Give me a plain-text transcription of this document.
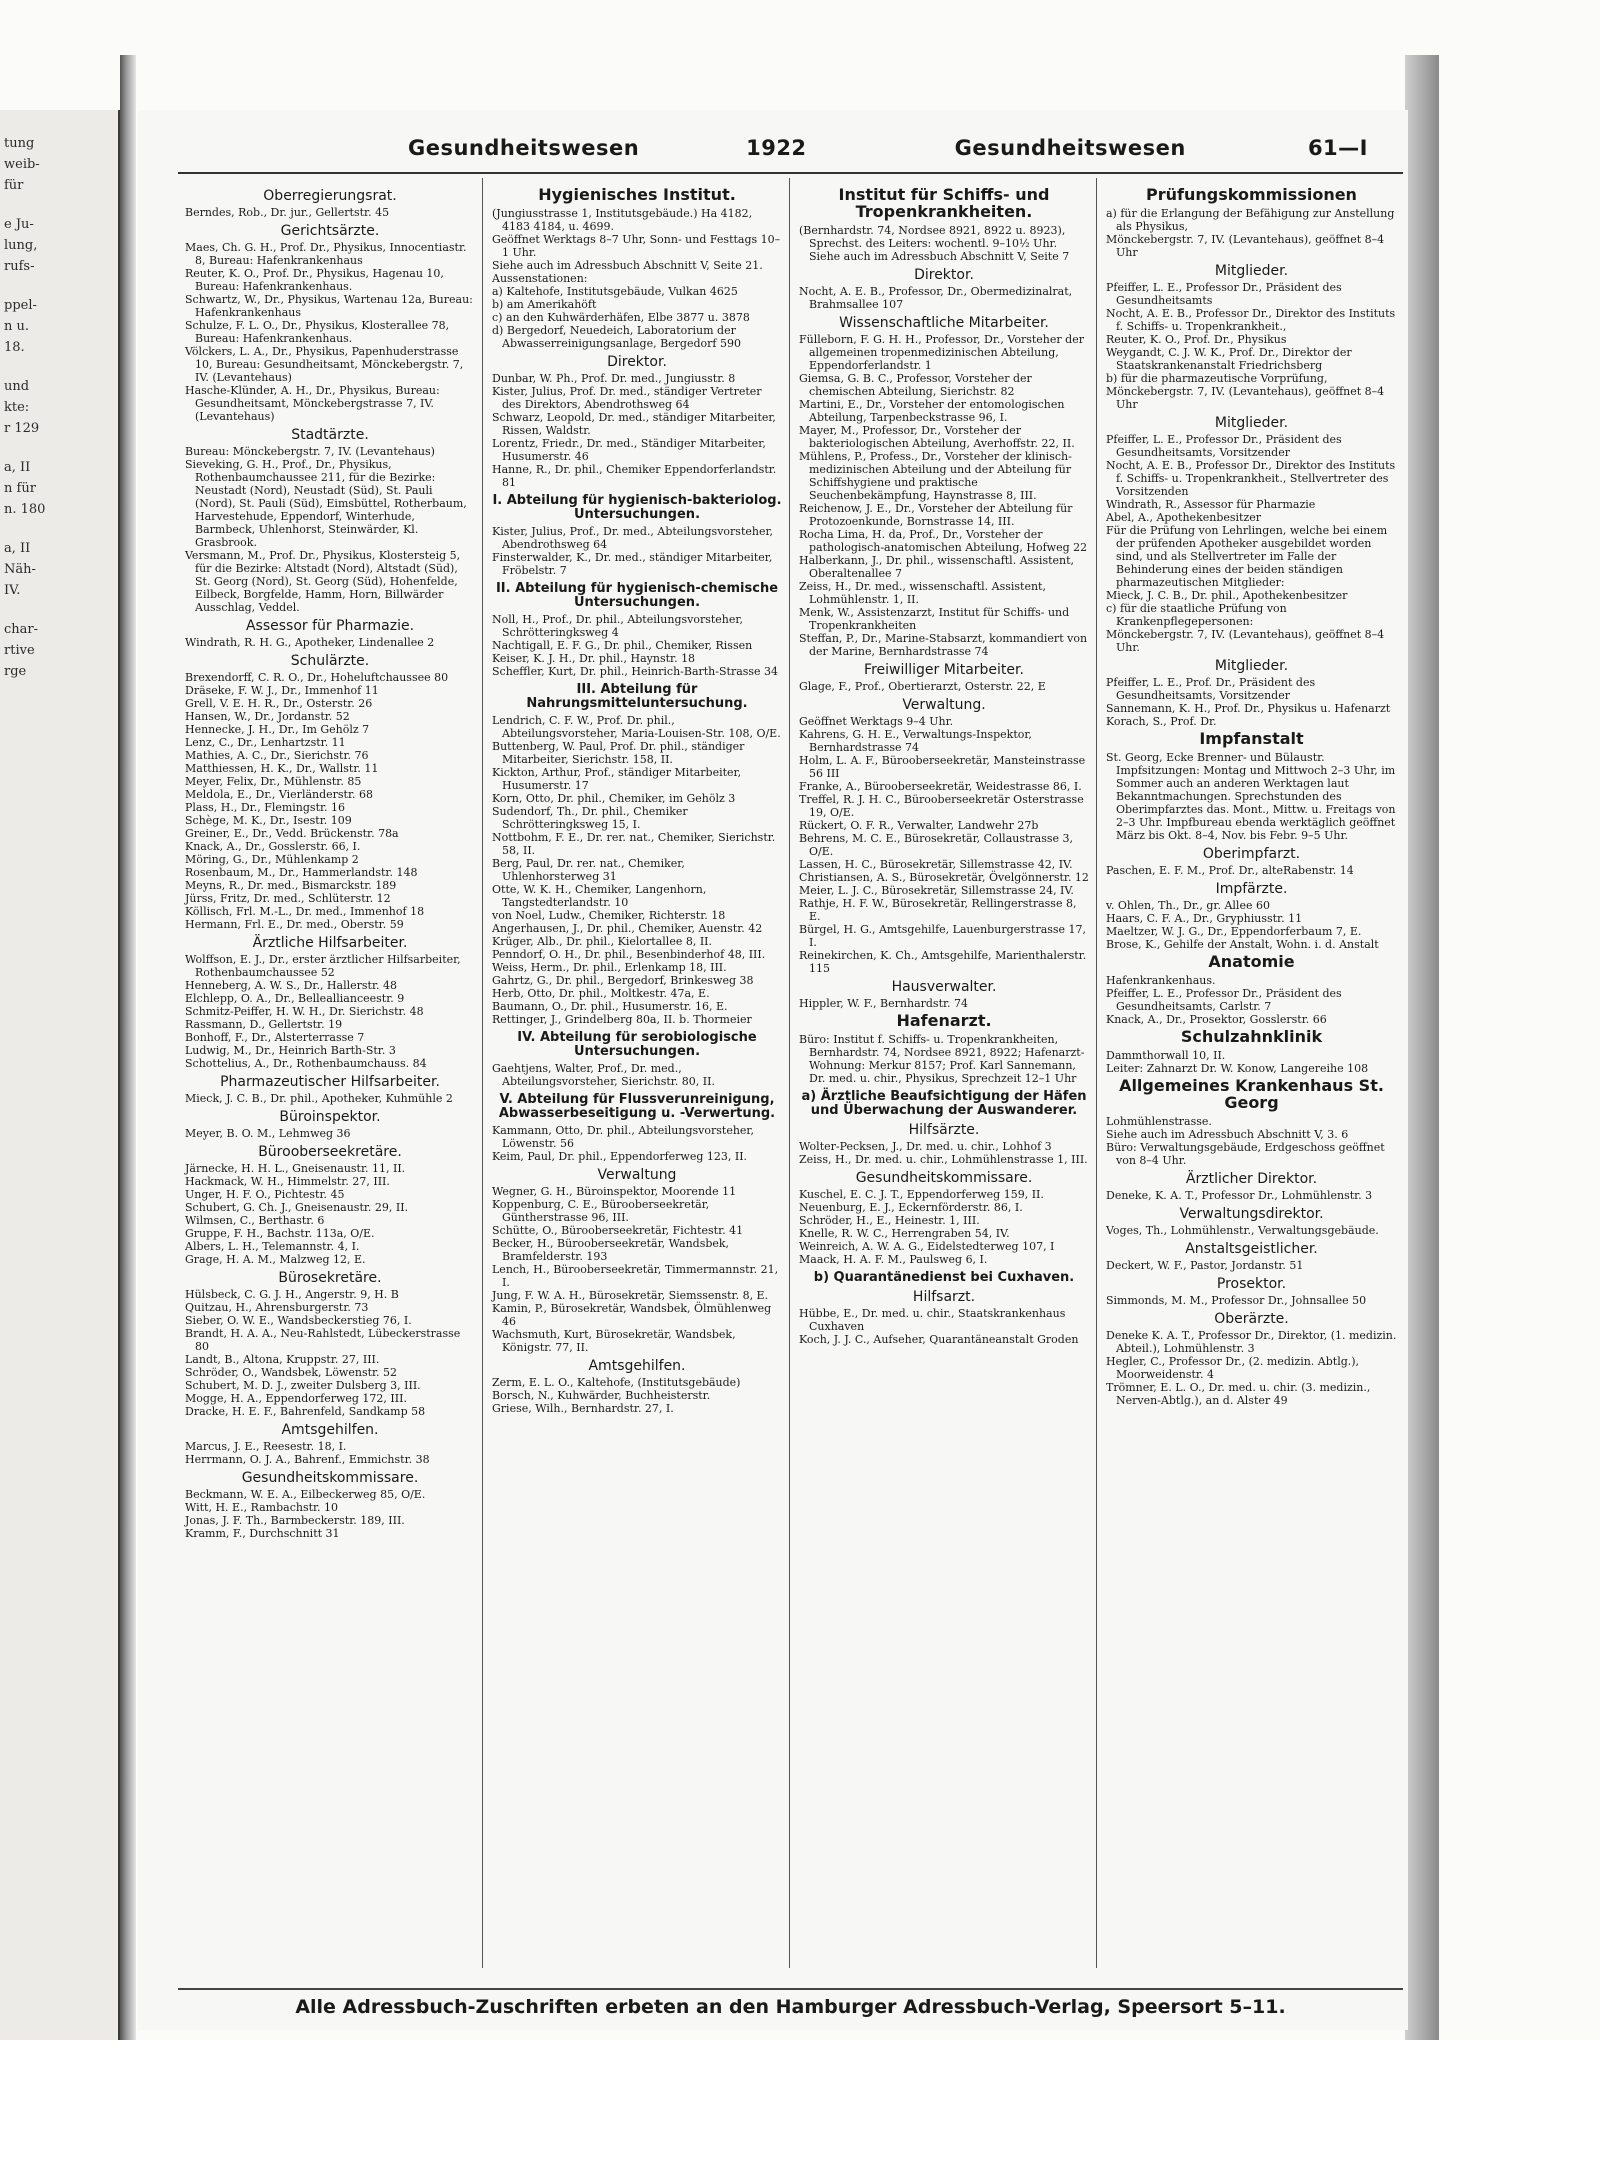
tung
weib-
für
e Ju-
lung,
rufs-
ppel-
n u.
18.
und
kte:
r 129
a, II
n für
n. 180
a, II
Näh-
IV.
char-
rtive
rge
Gesundheitswesen	1922	Gesundheitswesen	61—I
Oberregierungsrat.

Berndes, Rob., Dr. jur., Gellertstr. 45

Gerichtsärzte.

Maes, Ch. G. H., Prof. Dr., Physikus, Innocentiastr. 8, Bureau: Hafenkrankenhaus

Reuter, K. O., Prof. Dr., Physikus, Hagenau 10, Bureau: Hafenkrankenhaus.

Schwartz, W., Dr., Physikus, Wartenau 12a, Bureau: Hafenkrankenhaus

Schulze, F. L. O., Dr., Physikus, Klosterallee 78, Bureau: Hafenkrankenhaus.

Völckers, L. A., Dr., Physikus, Papenhuderstrasse 10, Bureau: Gesundheitsamt, Mönckebergstr. 7, IV. (Levantehaus)

Hasche-Klünder, A. H., Dr., Physikus, Bureau: Gesundheitsamt, Mönckebergstrasse 7, IV. (Levantehaus)

Stadtärzte.

Bureau: Mönckebergstr. 7, IV. (Levantehaus)

Sieveking, G. H., Prof., Dr., Physikus, Rothenbaumchaussee 211, für die Bezirke: Neustadt (Nord), Neustadt (Süd), St. Pauli (Nord), St. Pauli (Süd), Eimsbüttel, Rotherbaum, Harvestehude, Eppendorf, Winterhude, Barmbeck, Uhlenhorst, Steinwärder, Kl. Grasbrook.

Versmann, M., Prof. Dr., Physikus, Klostersteig 5, für die Bezirke: Altstadt (Nord), Altstadt (Süd), St. Georg (Nord), St. Georg (Süd), Hohenfelde, Eilbeck, Borgfelde, Hamm, Horn, Billwärder Ausschlag, Veddel.

Assessor für Pharmazie.

Windrath, R. H. G., Apotheker, Lindenallee 2

Schulärzte.

Brexendorff, C. R. O., Dr., Hoheluftchaussee 80

Dräseke, F. W. J., Dr., Immenhof 11

Grell, V. E. H. R., Dr., Osterstr. 26

Hansen, W., Dr., Jordanstr. 52

Hennecke, J. H., Dr., Im Gehölz 7

Lenz, C., Dr., Lenhartzstr. 11

Mathies, A. C., Dr., Sierichstr. 76

Matthiessen, H. K., Dr., Wallstr. 11

Meyer, Felix, Dr., Mühlenstr. 85

Meldola, E., Dr., Vierländerstr. 68

Plass, H., Dr., Flemingstr. 16

Schège, M. K., Dr., Isestr. 109

Greiner, E., Dr., Vedd. Brückenstr. 78a

Knack, A., Dr., Gosslerstr. 66, I.

Möring, G., Dr., Mühlenkamp 2

Rosenbaum, M., Dr., Hammerlandstr. 148

Meyns, R., Dr. med., Bismarckstr. 189

Jürss, Fritz, Dr. med., Schlüterstr. 12

Köllisch, Frl. M.-L., Dr. med., Immenhof 18

Hermann, Frl. E., Dr. med., Oberstr. 59

Ärztliche Hilfsarbeiter.

Wolffson, E. J., Dr., erster ärztlicher Hilfsarbeiter, Rothenbaumchaussee 52

Henneberg, A. W. S., Dr., Hallerstr. 48

Elchlepp, O. A., Dr., Belleallianceestr. 9

Schmitz-Peiffer, H. W. H., Dr. Sierichstr. 48

Rassmann, D., Gellertstr. 19

Bonhoff, F., Dr., Alsterterrasse 7

Ludwig, M., Dr., Heinrich Barth-Str. 3

Schottelius, A., Dr., Rothenbaumchauss. 84

Pharmazeutischer Hilfsarbeiter.

Mieck, J. C. B., Dr. phil., Apotheker, Kuhmühle 2

Büroinspektor.

Meyer, B. O. M., Lehmweg 36

Bürooberseekretäre.

Järnecke, H. H. L., Gneisenaustr. 11, II.

Hackmack, W. H., Himmelstr. 27, III.

Unger, H. F. O., Pichtestr. 45

Schubert, G. Ch. J., Gneisenaustr. 29, II.

Wilmsen, C., Berthastr. 6

Gruppe, F. H., Bachstr. 113a, O/E.

Albers, L. H., Telemannstr. 4, I.

Grage, H. A. M., Malzweg 12, E.

Bürosekretäre.

Hülsbeck, C. G. J. H., Angerstr. 9, H. B

Quitzau, H., Ahrensburgerstr. 73

Sieber, O. W. E., Wandsbeckerstieg 76, I.

Brandt, H. A. A., Neu-Rahlstedt, Lübeckerstrasse 80

Landt, B., Altona, Kruppstr. 27, III.

Schröder, O., Wandsbek, Löwenstr. 52

Schubert, M. D. J., zweiter Dulsberg 3, III.

Mogge, H. A., Eppendorferweg 172, III.

Dracke, H. E. F., Bahrenfeld, Sandkamp 58

Amtsgehilfen.

Marcus, J. E., Reesestr. 18, I.

Herrmann, O. J. A., Bahrenf., Emmichstr. 38

Gesundheitskommissare.

Beckmann, W. E. A., Eilbeckerweg 85, O/E.

Witt, H. E., Rambachstr. 10

Jonas, J. F. Th., Barmbeckerstr. 189, III.

Kramm, F., Durchschnitt 31

Hygienisches Institut.

(Jungiusstrasse 1, Institutsgebäude.) Ha 4182, 4183 4184, u. 4699.

Geöffnet Werktags 8–7 Uhr, Sonn- und Festtags 10–1 Uhr.

Siehe auch im Adressbuch Abschnitt V, Seite 21.

Aussenstationen:

a) Kaltehofe, Institutsgebäude, Vulkan 4625

b) am Amerikahöft

c) an den Kuhwärderhäfen, Elbe 3877 u. 3878

d) Bergedorf, Neuedeich, Laboratorium der Abwasserreinigungsanlage, Bergedorf 590

Direktor.

Dunbar, W. Ph., Prof. Dr. med., Jungiusstr. 8

Kister, Julius, Prof. Dr. med., ständiger Vertreter des Direktors, Abendrothsweg 64

Schwarz, Leopold, Dr. med., ständiger Mitarbeiter, Rissen, Waldstr.

Lorentz, Friedr., Dr. med., Ständiger Mitarbeiter, Husumerstr. 46

Hanne, R., Dr. phil., Chemiker Eppendorferlandstr. 81

I. Abteilung für hygienisch-bakteriolog. Untersuchungen.

Kister, Julius, Prof., Dr. med., Abteilungsvorsteher, Abendrothsweg 64

Finsterwalder, K., Dr. med., ständiger Mitarbeiter, Fröbelstr. 7

II. Abteilung für hygienisch-chemische Untersuchungen.

Noll, H., Prof., Dr. phil., Abteilungsvorsteher, Schrötteringksweg 4

Nachtigall, E. F. G., Dr. phil., Chemiker, Rissen

Keiser, K. J. H., Dr. phil., Haynstr. 18

Scheffler, Kurt, Dr. phil., Heinrich-Barth-Strasse 34

III. Abteilung für Nahrungsmitteluntersuchung.

Lendrich, C. F. W., Prof. Dr. phil., Abteilungsvorsteher, Maria-Louisen-Str. 108, O/E.

Buttenberg, W. Paul, Prof. Dr. phil., ständiger Mitarbeiter, Sierichstr. 158, II.

Kickton, Arthur, Prof., ständiger Mitarbeiter, Husumerstr. 17

Korn, Otto, Dr. phil., Chemiker, im Gehölz 3

Sudendorf, Th., Dr. phil., Chemiker Schrötteringksweg 15, I.

Nottbohm, F. E., Dr. rer. nat., Chemiker, Sierichstr. 58, II.

Berg, Paul, Dr. rer. nat., Chemiker, Uhlenhorsterweg 31

Otte, W. K. H., Chemiker, Langenhorn, Tangstedterlandstr. 10

von Noel, Ludw., Chemiker, Richterstr. 18

Angerhausen, J., Dr. phil., Chemiker, Auenstr. 42

Krüger, Alb., Dr. phil., Kielortallee 8, II.

Penndorf, O. H., Dr. phil., Besenbinderhof 48, III.

Weiss, Herm., Dr. phil., Erlenkamp 18, III.

Gahrtz, G., Dr. phil., Bergedorf, Brinkesweg 38

Herb, Otto, Dr. phil., Moltkestr. 47a, E.

Baumann, O., Dr. phil., Husumerstr. 16, E.

Rettinger, J., Grindelberg 80a, II. b. Thormeier

IV. Abteilung für serobiologische Untersuchungen.

Gaehtjens, Walter, Prof., Dr. med., Abteilungsvorsteher, Sierichstr. 80, II.

V. Abteilung für Flussverunreinigung, Abwasserbeseitigung u. -Verwertung.

Kammann, Otto, Dr. phil., Abteilungsvorsteher, Löwenstr. 56

Keim, Paul, Dr. phil., Eppendorferweg 123, II.

Verwaltung

Wegner, G. H., Büroinspektor, Moorende 11

Koppenburg, C. E., Bürooberseekretär, Güntherstrasse 96, III.

Schütte, O., Bürooberseekretär, Fichtestr. 41

Becker, H., Bürooberseekretär, Wandsbek, Bramfelderstr. 193

Lench, H., Bürooberseekretär, Timmermannstr. 21, I.

Jung, F. W. A. H., Bürosekretär, Siemssenstr. 8, E.

Kamin, P., Bürosekretär, Wandsbek, Ölmühlenweg 46

Wachsmuth, Kurt, Bürosekretär, Wandsbek, Königstr. 77, II.

Amtsgehilfen.

Zerm, E. L. O., Kaltehofe, (Institutsgebäude)

Borsch, N., Kuhwärder, Buchheisterstr.

Griese, Wilh., Bernhardstr. 27, I.

Institut für Schiffs- und Tropenkrankheiten.

(Bernhardstr. 74, Nordsee 8921, 8922 u. 8923), Sprechst. des Leiters: wochentl. 9–10½ Uhr. Siehe auch im Adressbuch Abschnitt V, Seite 7

Direktor.

Nocht, A. E. B., Professor, Dr., Obermedizinalrat, Brahmsallee 107

Wissenschaftliche Mitarbeiter.

Fülleborn, F. G. H. H., Professor, Dr., Vorsteher der allgemeinen tropenmedizinischen Abteilung, Eppendorferlandstr. 1

Giemsa, G. B. C., Professor, Vorsteher der chemischen Abteilung, Sierichstr. 82

Martini, E., Dr., Vorsteher der entomologischen Abteilung, Tarpenbeckstrasse 96, I.

Mayer, M., Professor, Dr., Vorsteher der bakteriologischen Abteilung, Averhoffstr. 22, II.

Mühlens, P., Profess., Dr., Vorsteher der klinisch-medizinischen Abteilung und der Abteilung für Schiffshygiene und praktische Seuchenbekämpfung, Haynstrasse 8, III.

Reichenow, J. E., Dr., Vorsteher der Abteilung für Protozoenkunde, Bornstrasse 14, III.

Rocha Lima, H. da, Prof., Dr., Vorsteher der pathologisch-anatomischen Abteilung, Hofweg 22

Halberkann, J., Dr. phil., wissenschaftl. Assistent, Oberaltenallee 7

Zeiss, H., Dr. med., wissenschaftl. Assistent, Lohmühlenstr. 1, II.

Menk, W., Assistenzarzt, Institut für Schiffs- und Tropenkrankheiten

Steffan, P., Dr., Marine-Stabsarzt, kommandiert von der Marine, Bernhardstrasse 74

Freiwilliger Mitarbeiter.

Glage, F., Prof., Obertierarzt, Osterstr. 22, E

Verwaltung.

Geöffnet Werktags 9–4 Uhr.

Kahrens, G. H. E., Verwaltungs-Inspektor, Bernhardstrasse 74

Holm, L. A. F., Bürooberseekretär, Mansteinstrasse 56 III

Franke, A., Bürooberseekretär, Weidestrasse 86, I.

Treffel, R. J. H. C., Bürooberseekretär Osterstrasse 19, O/E.

Rückert, O. F. R., Verwalter, Landwehr 27b

Behrens, M. C. E., Bürosekretär, Collaustrasse 3, O/E.

Lassen, H. C., Bürosekretär, Sillemstrasse 42, IV.

Christiansen, A. S., Bürosekretär, Övelgönnerstr. 12

Meier, L. J. C., Bürosekretär, Sillemstrasse 24, IV.

Rathje, H. F. W., Bürosekretär, Rellingerstrasse 8, E.

Bürgel, H. G., Amtsgehilfe, Lauenburgerstrasse 17, I.

Reinekirchen, K. Ch., Amtsgehilfe, Marienthalerstr. 115

Hausverwalter.

Hippler, W. F., Bernhardstr. 74

Hafenarzt.

Büro: Institut f. Schiffs- u. Tropenkrankheiten, Bernhardstr. 74, Nordsee 8921, 8922; Hafenarzt-Wohnung: Merkur 8157; Prof. Karl Sannemann, Dr. med. u. chir., Physikus, Sprechzeit 12–1 Uhr

a) Ärztliche Beaufsichtigung der Häfen und Überwachung der Auswanderer.
Hilfsärzte.

Wolter-Pecksen, J., Dr. med. u. chir., Lohhof 3

Zeiss, H., Dr. med. u. chir., Lohmühlenstrasse 1, III.

Gesundheitskommissare.

Kuschel, E. C. J. T., Eppendorferweg 159, II.

Neuenburg, E. J., Eckernförderstr. 86, I.

Schröder, H., E., Heinestr. 1, III.

Knelle, R. W. C., Herrengraben 54, IV.

Weinreich, A. W. A. G., Eidelstedterweg 107, I

Maack, H. A. F. M., Paulsweg 6, I.

b) Quarantänedienst bei Cuxhaven.
Hilfsarzt.

Hübbe, E., Dr. med. u. chir., Staatskrankenhaus Cuxhaven

Koch, J. J. C., Aufseher, Quarantäneanstalt Groden

Prüfungskommissionen

a) für die Erlangung der Befähigung zur Anstellung als Physikus,

Mönckebergstr. 7, IV. (Levantehaus), geöffnet 8–4 Uhr

Mitglieder.

Pfeiffer, L. E., Professor Dr., Präsident des Gesundheitsamts

Nocht, A. E. B., Professor Dr., Direktor des Instituts f. Schiffs- u. Tropenkrankheit.,

Reuter, K. O., Prof. Dr., Physikus

Weygandt, C. J. W. K., Prof. Dr., Direktor der Staatskrankenanstalt Friedrichsberg

b) für die pharmazeutische Vorprüfung,

Mönckebergstr. 7, IV. (Levantehaus), geöffnet 8–4 Uhr

Mitglieder.

Pfeiffer, L. E., Professor Dr., Präsident des Gesundheitsamts, Vorsitzender

Nocht, A. E. B., Professor Dr., Direktor des Instituts f. Schiffs- u. Tropenkrankheit., Stellvertreter des Vorsitzenden

Windrath, R., Assessor für Pharmazie

Abel, A., Apothekenbesitzer

Für die Prüfung von Lehrlingen, welche bei einem der prüfenden Apotheker ausgebildet worden sind, und als Stellvertreter im Falle der Behinderung eines der beiden ständigen pharmazeutischen Mitglieder:

Mieck, J. C. B., Dr. phil., Apothekenbesitzer

c) für die staatliche Prüfung von Krankenpflegepersonen:

Mönckebergstr. 7, IV. (Levantehaus), geöffnet 8–4 Uhr.

Mitglieder.

Pfeiffer, L. E., Prof. Dr., Präsident des Gesundheitsamts, Vorsitzender

Sannemann, K. H., Prof. Dr., Physikus u. Hafenarzt

Korach, S., Prof. Dr.

Impfanstalt

St. Georg, Ecke Brenner- und Bülaustr. Impfsitzungen: Montag und Mittwoch 2–3 Uhr, im Sommer auch an anderen Werktagen laut Bekanntmachungen. Sprechstunden des Oberimpfarztes das. Mont., Mittw. u. Freitags von 2–3 Uhr. Impfbureau ebenda werktäglich geöffnet März bis Okt. 8–4, Nov. bis Febr. 9–5 Uhr.

Oberimpfarzt.

Paschen, E. F. M., Prof. Dr., alteRabenstr. 14

Impfärzte.

v. Ohlen, Th., Dr., gr. Allee 60

Haars, C. F. A., Dr., Gryphiusstr. 11

Maeltzer, W. J. G., Dr., Eppendorferbaum 7, E.

Brose, K., Gehilfe der Anstalt, Wohn. i. d. Anstalt

Anatomie

Hafenkrankenhaus.

Pfeiffer, L. E., Professor Dr., Präsident des Gesundheitsamts, Carlstr. 7

Knack, A., Dr., Prosektor, Gosslerstr. 66

Schulzahnklinik

Dammthorwall 10, II.

Leiter: Zahnarzt Dr. W. Konow, Langereihe 108

Allgemeines Krankenhaus St. Georg

Lohmühlenstrasse.

Siehe auch im Adressbuch Abschnitt V, 3. 6

Büro: Verwaltungsgebäude, Erdgeschoss geöffnet von 8–4 Uhr.

Ärztlicher Direktor.

Deneke, K. A. T., Professor Dr., Lohmühlenstr. 3

Verwaltungsdirektor.

Voges, Th., Lohmühlenstr., Verwaltungsgebäude.

Anstaltsgeistlicher.

Deckert, W. F., Pastor, Jordanstr. 51

Prosektor.

Simmonds, M. M., Professor Dr., Johnsallee 50

Oberärzte.

Deneke K. A. T., Professor Dr., Direktor, (1. medizin. Abteil.), Lohmühlenstr. 3

Hegler, C., Professor Dr., (2. medizin. Abtlg.), Moorweidenstr. 4

Trömner, E. L. O., Dr. med. u. chir. (3. medizin., Nerven-Abtlg.), an d. Alster 49

Alle Adressbuch-Zuschriften erbeten an den Hamburger Adressbuch-Verlag, Speersort 5–11.
